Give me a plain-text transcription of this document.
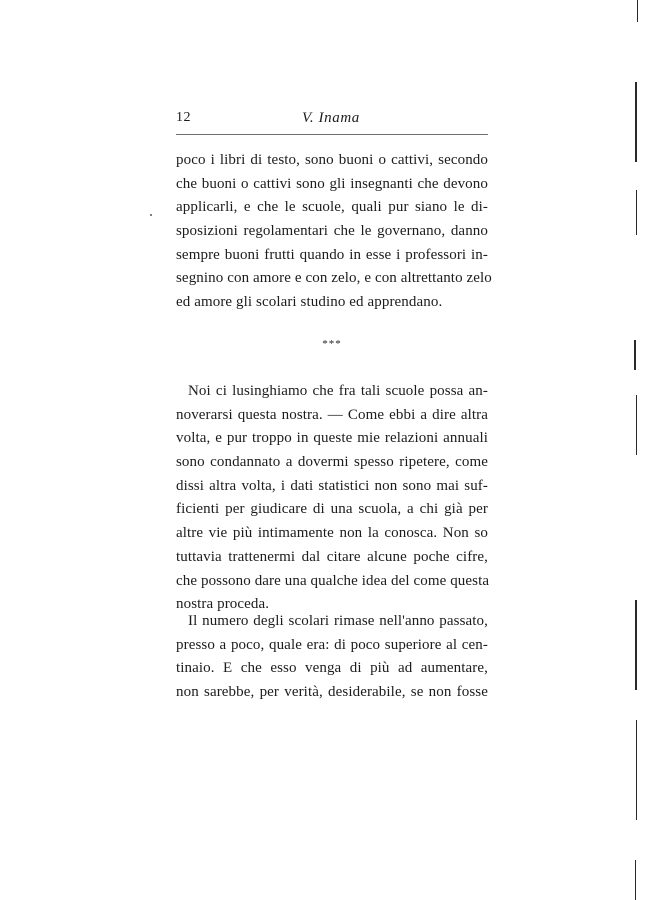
12	V. Inama
poco i libri di testo, sono buoni o cattivi, secondo
che buoni o cattivi sono gli insegnanti che devono
applicarli, e che le scuole, quali pur siano le di-
sposizioni regolamentari che le governano, danno
sempre buoni frutti quando in esse i professori in-
segnino con amore e con zelo, e con altrettanto zelo
ed amore gli scolari studino ed apprendano.
***
Noi ci lusinghiamo che fra tali scuole possa an-
noverarsi questa nostra. — Come ebbi a dire altra
volta, e pur troppo in queste mie relazioni annuali
sono condannato a dovermi spesso ripetere, come
dissi altra volta, i dati statistici non sono mai suf-
ficienti per giudicare di una scuola, a chi già per
altre vie più intimamente non la conosca. Non so
tuttavia trattenermi dal citare alcune poche cifre,
che possono dare una qualche idea del come questa
nostra proceda.
Il numero degli scolari rimase nell'anno passato,
presso a poco, quale era: di poco superiore al cen-
tinaio. E che esso venga di più ad aumentare,
non sarebbe, per verità, desiderabile, se non fosse
